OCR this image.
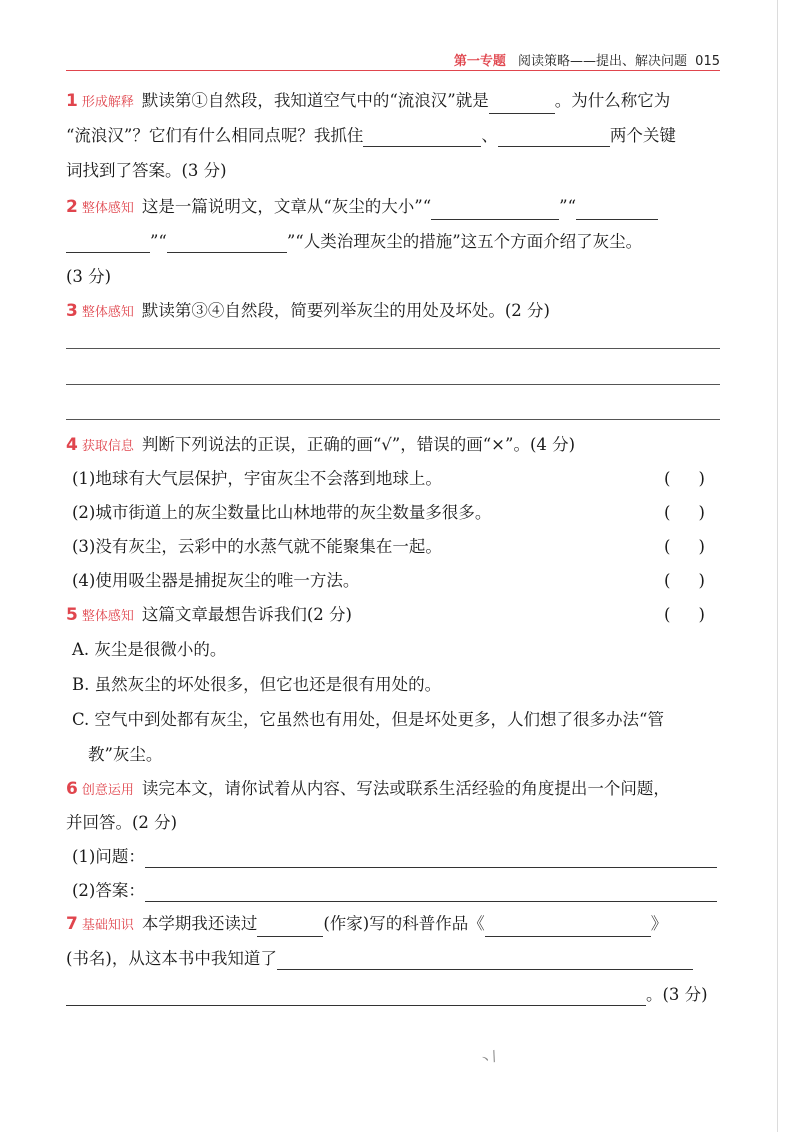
第一专题 阅读策略——提出、解决问题 015
1 形成解释 默读第①自然段，我知道空气中的“流浪汉”就是	。为什么称它为
“流浪汉”？它们有什么相同点呢？我抓住	、	两个关键
词找到了答案。(3 分)
2 整体感知 这是一篇说明文，文章从“灰尘的大小”“	”“
”“	”“人类治理灰尘的措施”这五个方面介绍了灰尘。
(3 分)
3 整体感知 默读第③④自然段，简要列举灰尘的用处及坏处。(2 分)
4 获取信息 判断下列说法的正误，正确的画“√”，错误的画“×”。(4 分)
(1)地球有大气层保护，宇宙灰尘不会落到地球上。	( )
(2)城市街道上的灰尘数量比山林地带的灰尘数量多很多。	( )
(3)没有灰尘，云彩中的水蒸气就不能聚集在一起。	( )
(4)使用吸尘器是捕捉灰尘的唯一方法。	( )
5 整体感知 这篇文章最想告诉我们(2 分)	( )
A. 灰尘是很微小的。
B. 虽然灰尘的坏处很多，但它也还是很有用处的。
C. 空气中到处都有灰尘，它虽然也有用处，但是坏处更多，人们想了很多办法“管
教”灰尘。
6 创意运用 读完本文，请你试着从内容、写法或联系生活经验的角度提出一个问题，
并回答。(2 分)
(1)问题：
(2)答案：
7 基础知识 本学期我还读过	(作家)写的科普作品《	》
(书名)，从这本书中我知道了
。(3 分)
ヽ/
